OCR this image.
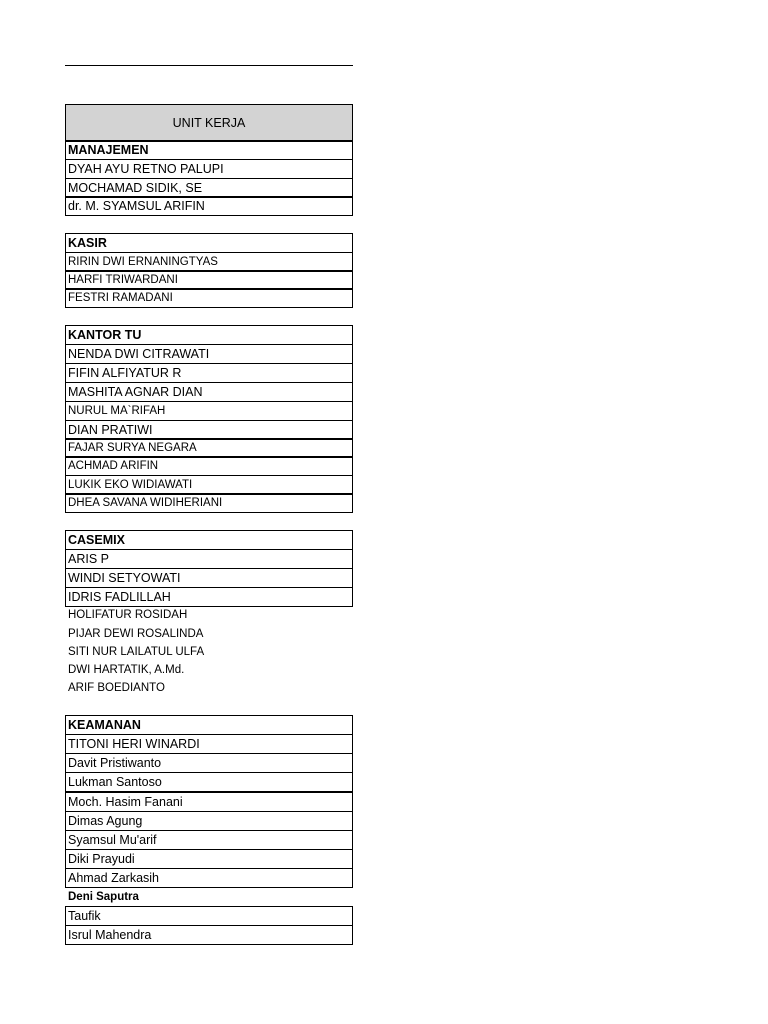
UNIT KERJA
MANAJEMEN
DYAH AYU RETNO PALUPI
MOCHAMAD SIDIK, SE
dr. M. SYAMSUL ARIFIN
KASIR
RIRIN DWI ERNANINGTYAS
HARFI TRIWARDANI
FESTRI RAMADANI
KANTOR TU
NENDA DWI CITRAWATI
FIFIN ALFIYATUR R
MASHITA AGNAR DIAN
NURUL MA`RIFAH
DIAN PRATIWI
FAJAR SURYA NEGARA
ACHMAD ARIFIN
LUKIK EKO WIDIAWATI
DHEA SAVANA WIDIHERIANI
CASEMIX
ARIS P
WINDI SETYOWATI
IDRIS FADLILLAH
HOLIFATUR ROSIDAH
PIJAR DEWI ROSALINDA
SITI NUR LAILATUL ULFA
DWI HARTATIK, A.Md.
ARIF BOEDIANTO
KEAMANAN
TITONI HERI WINARDI
Davit Pristiwanto
Lukman Santoso
Moch. Hasim Fanani
Dimas Agung
Syamsul Mu'arif
Diki Prayudi
Ahmad Zarkasih
Deni Saputra
Taufik
Isrul Mahendra
